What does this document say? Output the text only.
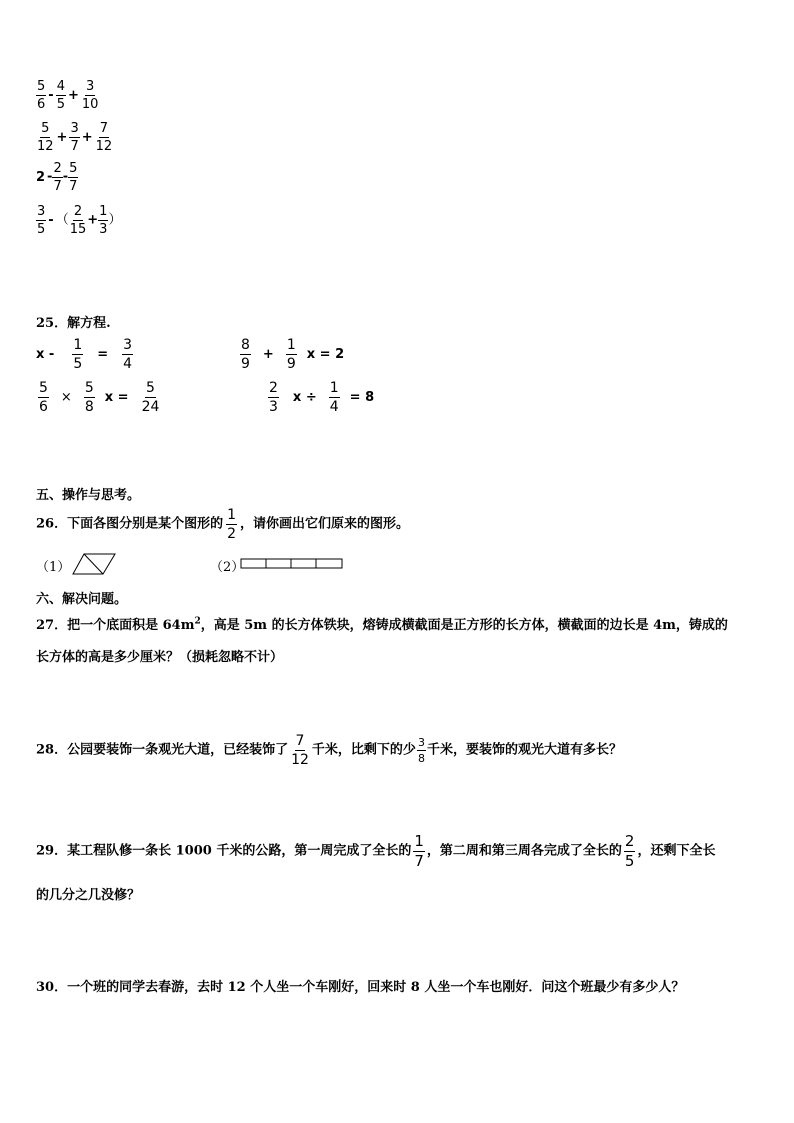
$\frac{5}{6} - \frac{4}{5} + \frac{3}{10}$
$\frac{5}{12} + \frac{3}{7} + \frac{7}{12}$
$2 - \frac{2}{7} - \frac{5}{7}$
$\frac{3}{5}$ - （ $\frac{2}{15} + \frac{1}{3}$ ）
25．解方程.
$x - \frac{1}{5} = \frac{3}{4}$	$\frac{8}{9} + \frac{1}{9}$ x = 2
$\frac{5}{6} \times \frac{5}{8}$ $x = \frac{5}{24}$	$\frac{2}{3}$ $x \div \frac{1}{4} = 8$
五、操作与思考。
26．下面各图分别是某个图形的 $\frac{1}{2}$ ，请你画出它们原来的图形。
（1）	（2）
六、解决问题。
27．把一个底面积是 $64m^2$，高是 5m 的长方体铁块，熔铸成横截面是正方形的长方体，横截面的边长是 4m，铸成的
长方体的高是多少厘米？（损耗忽略不计）
28．公园要装饰一条观光大道，已经装饰了 $\frac{7}{12}$ 千米，比剩下的少 $\frac{3}{8}$ 千米，要装饰的观光大道有多长？
29．某工程队修一条长 1000 千米的公路，第一周完成了全长的 $\frac{1}{7}$ ，第二周和第三周各完成了全长的 $\frac{2}{5}$ ，还剩下全长
的几分之几没修？
30．一个班的同学去春游，去时 12 个人坐一个车刚好，回来时 8 人坐一个车也刚好．问这个班最少有多少人？
